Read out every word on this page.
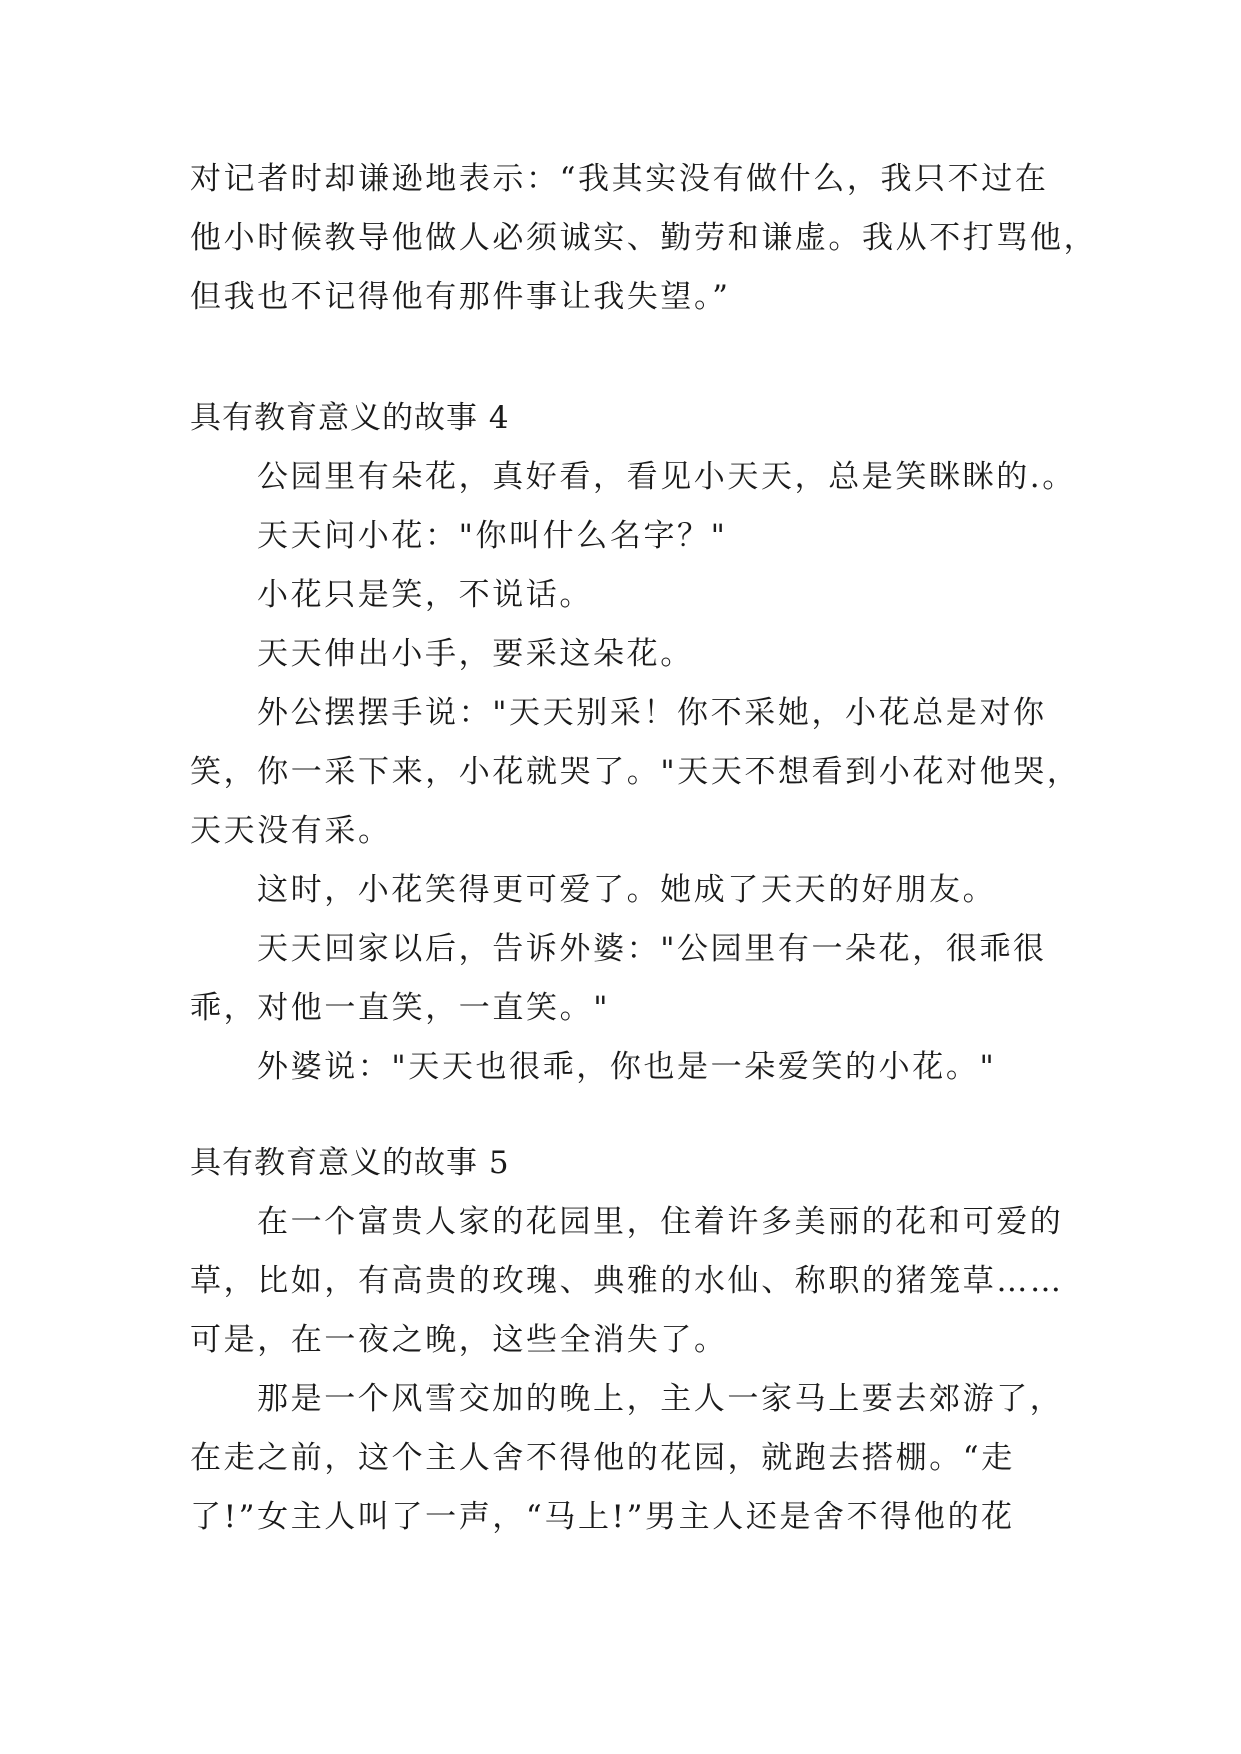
对记者时却谦逊地表示：“我其实没有做什么，我只不过在
他小时候教导他做人必须诚实、勤劳和谦虚。我从不打骂他，
但我也不记得他有那件事让我失望。”
具有教育意义的故事 4
公园里有朵花，真好看，看见小天天，总是笑眯眯的.。
天天问小花："你叫什么名字？"
小花只是笑，不说话。
天天伸出小手，要采这朵花。
外公摆摆手说："天天别采！你不采她，小花总是对你
笑，你一采下来，小花就哭了。"天天不想看到小花对他哭，
天天没有采。
这时，小花笑得更可爱了。她成了天天的好朋友。
天天回家以后，告诉外婆："公园里有一朵花，很乖很
乖，对他一直笑，一直笑。"
外婆说："天天也很乖，你也是一朵爱笑的小花。"
具有教育意义的故事 5
在一个富贵人家的花园里，住着许多美丽的花和可爱的
草，比如，有高贵的玫瑰、典雅的水仙、称职的猪笼草……
可是，在一夜之晚，这些全消失了。
那是一个风雪交加的晚上，主人一家马上要去郊游了，
在走之前，这个主人舍不得他的花园，就跑去搭棚。“走
了!”女主人叫了一声，“马上!”男主人还是舍不得他的花
